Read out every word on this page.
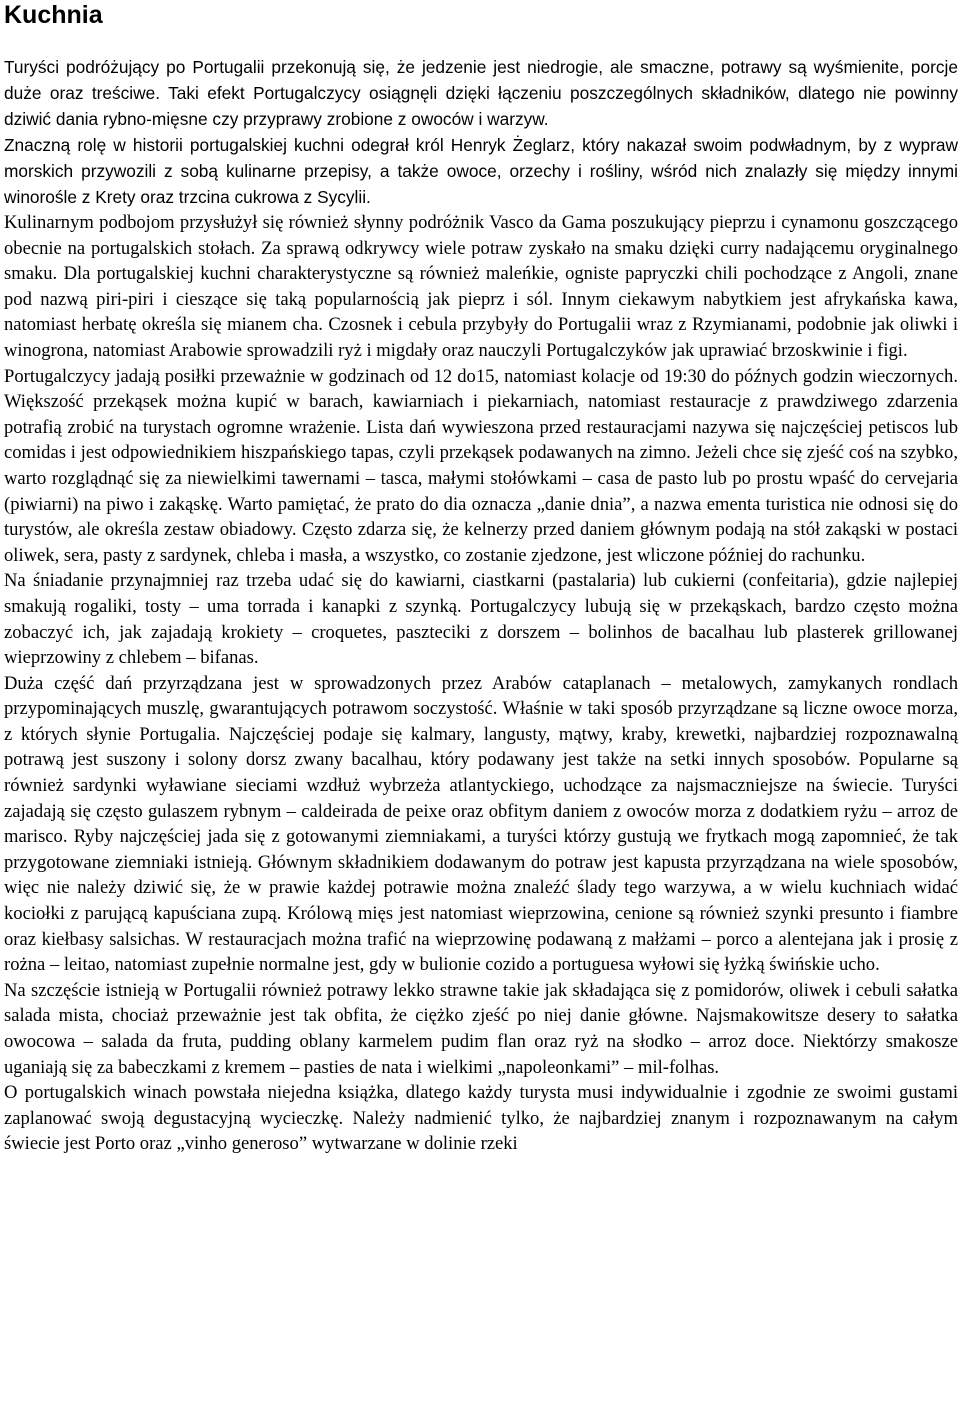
Kuchnia

Turyści podróżujący po Portugalii przekonują się, że jedzenie jest niedrogie, ale smaczne, potrawy są wyśmienite, porcje duże oraz treściwe. Taki efekt Portugalczycy osiągnęli dzięki łączeniu poszczególnych składników, dlatego nie powinny dziwić dania rybno-mięsne czy przyprawy zrobione z owoców i warzyw.

Znaczną rolę w historii portugalskiej kuchni odegrał król Henryk Żeglarz, który nakazał swoim podwładnym, by z wypraw morskich przywozili z sobą kulinarne przepisy, a także owoce, orzechy i rośliny, wśród nich znalazły się między innymi winorośle z Krety oraz trzcina cukrowa z Sycylii.

Kulinarnym podbojom przysłużył się również słynny podróżnik Vasco da Gama poszukujący pieprzu i cynamonu goszczącego obecnie na portugalskich stołach. Za sprawą odkrywcy wiele potraw zyskało na smaku dzięki curry nadającemu oryginalnego smaku. Dla portugalskiej kuchni charakterystyczne są również maleńkie, ogniste papryczki chili pochodzące z Angoli, znane pod nazwą piri-piri i cieszące się taką popularnością jak pieprz i sól. Innym ciekawym nabytkiem jest afrykańska kawa, natomiast herbatę określa się mianem cha. Czosnek i cebula przybyły do Portugalii wraz z Rzymianami, podobnie jak oliwki i winogrona, natomiast Arabowie sprowadzili ryż i migdały oraz nauczyli Portugalczyków jak uprawiać brzoskwinie i figi.

Portugalczycy jadają posiłki przeważnie w godzinach od 12 do15, natomiast kolacje od 19:30 do późnych godzin wieczornych. Większość przekąsek można kupić w barach, kawiarniach i piekarniach, natomiast restauracje z prawdziwego zdarzenia potrafią zrobić na turystach ogromne wrażenie. Lista dań wywieszona przed restauracjami nazywa się najczęściej petiscos lub comidas i jest odpowiednikiem hiszpańskiego tapas, czyli przekąsek podawanych na zimno. Jeżeli chce się zjeść coś na szybko, warto rozglądnąć się za niewielkimi tawernami – tasca, małymi stołówkami – casa de pasto lub po prostu wpaść do cervejaria (piwiarni) na piwo i zakąskę. Warto pamiętać, że prato do dia oznacza „danie dnia”, a nazwa ementa turistica nie odnosi się do turystów, ale określa zestaw obiadowy. Często zdarza się, że kelnerzy przed daniem głównym podają na stół zakąski w postaci oliwek, sera, pasty z sardynek, chleba i masła, a wszystko, co zostanie zjedzone, jest wliczone później do rachunku.

Na śniadanie przynajmniej raz trzeba udać się do kawiarni, ciastkarni (pastalaria) lub cukierni (confeitaria), gdzie najlepiej smakują rogaliki, tosty – uma torrada i kanapki z szynką. Portugalczycy lubują się w przekąskach, bardzo często można zobaczyć ich, jak zajadają krokiety – croquetes, paszteciki z dorszem – bolinhos de bacalhau lub plasterek grillowanej wieprzowiny z chlebem – bifanas.

Duża część dań przyrządzana jest w sprowadzonych przez Arabów cataplanach – metalowych, zamykanych rondlach przypominających muszlę, gwarantujących potrawom soczystość. Właśnie w taki sposób przyrządzane są liczne owoce morza, z których słynie Portugalia. Najczęściej podaje się kalmary, langusty, mątwy, kraby, krewetki, najbardziej rozpoznawalną potrawą jest suszony i solony dorsz zwany bacalhau, który podawany jest także na setki innych sposobów. Popularne są również sardynki wyławiane sieciami wzdłuż wybrzeża atlantyckiego, uchodzące za najsmaczniejsze na świecie. Turyści zajadają się często gulaszem rybnym – caldeirada de peixe oraz obfitym daniem z owoców morza z dodatkiem ryżu – arroz de marisco. Ryby najczęściej jada się z gotowanymi ziemniakami, a turyści którzy gustują we frytkach mogą zapomnieć, że tak przygotowane ziemniaki istnieją. Głównym składnikiem dodawanym do potraw jest kapusta przyrządzana na wiele sposobów, więc nie należy dziwić się, że w prawie każdej potrawie można znaleźć ślady tego warzywa, a w wielu kuchniach widać kociołki z parującą kapuściana zupą. Królową mięs jest natomiast wieprzowina, cenione są również szynki presunto i fiambre oraz kiełbasy salsichas. W restauracjach można trafić na wieprzowinę podawaną z małżami – porco a alentejana jak i prosię z rożna – leitao, natomiast zupełnie normalne jest, gdy w bulionie cozido a portuguesa wyłowi się łyżką świńskie ucho.

Na szczęście istnieją w Portugalii również potrawy lekko strawne takie jak składająca się z pomidorów, oliwek i cebuli sałatka salada mista, chociaż przeważnie jest tak obfita, że ciężko zjeść po niej danie główne. Najsmakowitsze desery to sałatka owocowa – salada da fruta, pudding oblany karmelem pudim flan oraz ryż na słodko – arroz doce. Niektórzy smakosze uganiają się za babeczkami z kremem – pasties de nata i wielkimi „napoleonkami” – mil-folhas.

O portugalskich winach powstała niejedna książka, dlatego każdy turysta musi indywidualnie i zgodnie ze swoimi gustami zaplanować swoją degustacyjną wycieczkę. Należy nadmienić tylko, że najbardziej znanym i rozpoznawanym na całym świecie jest Porto oraz „vinho generoso” wytwarzane w dolinie rzeki
